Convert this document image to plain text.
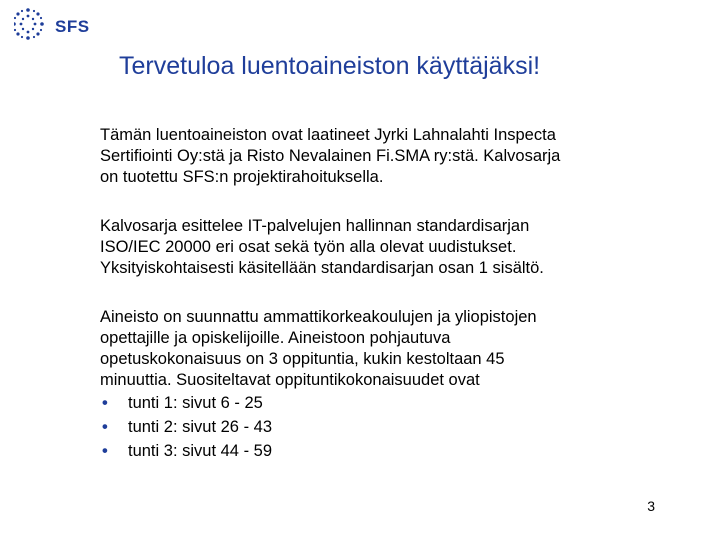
SFS
Tervetuloa luentoaineiston käyttäjäksi!

Tämän luentoaineiston ovat laatineet Jyrki Lahnalahti Inspecta
Sertifiointi Oy:stä ja Risto Nevalainen Fi.SMA ry:stä. Kalvosarja
on tuotettu SFS:n projektirahoituksella.

Kalvosarja esittelee IT-palvelujen hallinnan standardisarjan
ISO/IEC 20000 eri osat sekä työn alla olevat uudistukset.
Yksityiskohtaisesti käsitellään standardisarjan osan 1 sisältö.

Aineisto on suunnattu ammattikorkeakoulujen ja yliopistojen
opettajille ja opiskelijoille. Aineistoon pohjautuva
opetuskokonaisuus on 3 oppituntia, kukin kestoltaan 45
minuuttia. Suositeltavat oppituntikokonaisuudet ovat

• tunti 1: sivut 6 - 25
• tunti 2: sivut 26 - 43
• tunti 3: sivut 44 - 59
3
